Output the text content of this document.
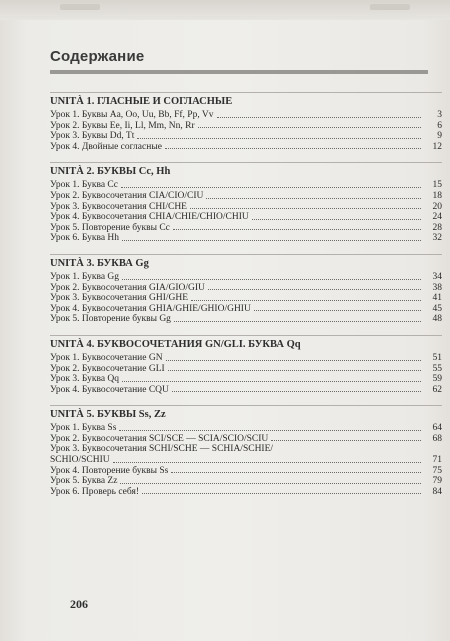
Содержание
UNITÀ 1. ГЛАСНЫЕ И СОГЛАСНЫЕ
Урок 1. Буквы Aa, Oo, Uu, Bb, Ff, Pp, Vv	3
Урок 2. Буквы Ee, Ii, Ll, Mm, Nn, Rr	6
Урок 3. Буквы Dd, Tt	9
Урок 4. Двойные согласные	12
UNITÀ 2. БУКВЫ Cc, Hh
Урок 1. Буква Cc	15
Урок 2. Буквосочетания CIA/CIO/CIU	18
Урок 3. Буквосочетания CHI/CHE	20
Урок 4. Буквосочетания CHIA/CHIE/CHIO/CHIU	24
Урок 5. Повторение буквы Cc	28
Урок 6. Буква Hh	32
UNITÀ 3. БУКВА Gg
Урок 1. Буква Gg	34
Урок 2. Буквосочетания GIA/GIO/GIU	38
Урок 3. Буквосочетания GHI/GHE	41
Урок 4. Буквосочетания GHIA/GHIE/GHIO/GHIU	45
Урок 5. Повторение буквы Gg	48
UNITÀ 4. БУКВОСОЧЕТАНИЯ GN/GLI. БУКВА Qq
Урок 1. Буквосочетание GN	51
Урок 2. Буквосочетание GLI	55
Урок 3. Буква Qq	59
Урок 4. Буквосочетание CQU	62
UNITÀ 5. БУКВЫ Ss, Zz
Урок 1. Буква Ss	64
Урок 2. Буквосочетания SCI/SCE — SCIA/SCIO/SCIU	68
Урок 3. Буквосочетания SCHI/SCHE — SCHIA/SCHIE/
SCHIO/SCHIU	71
Урок 4. Повторение буквы Ss	75
Урок 5. Буква Zz	79
Урок 6. Проверь себя!	84
206
